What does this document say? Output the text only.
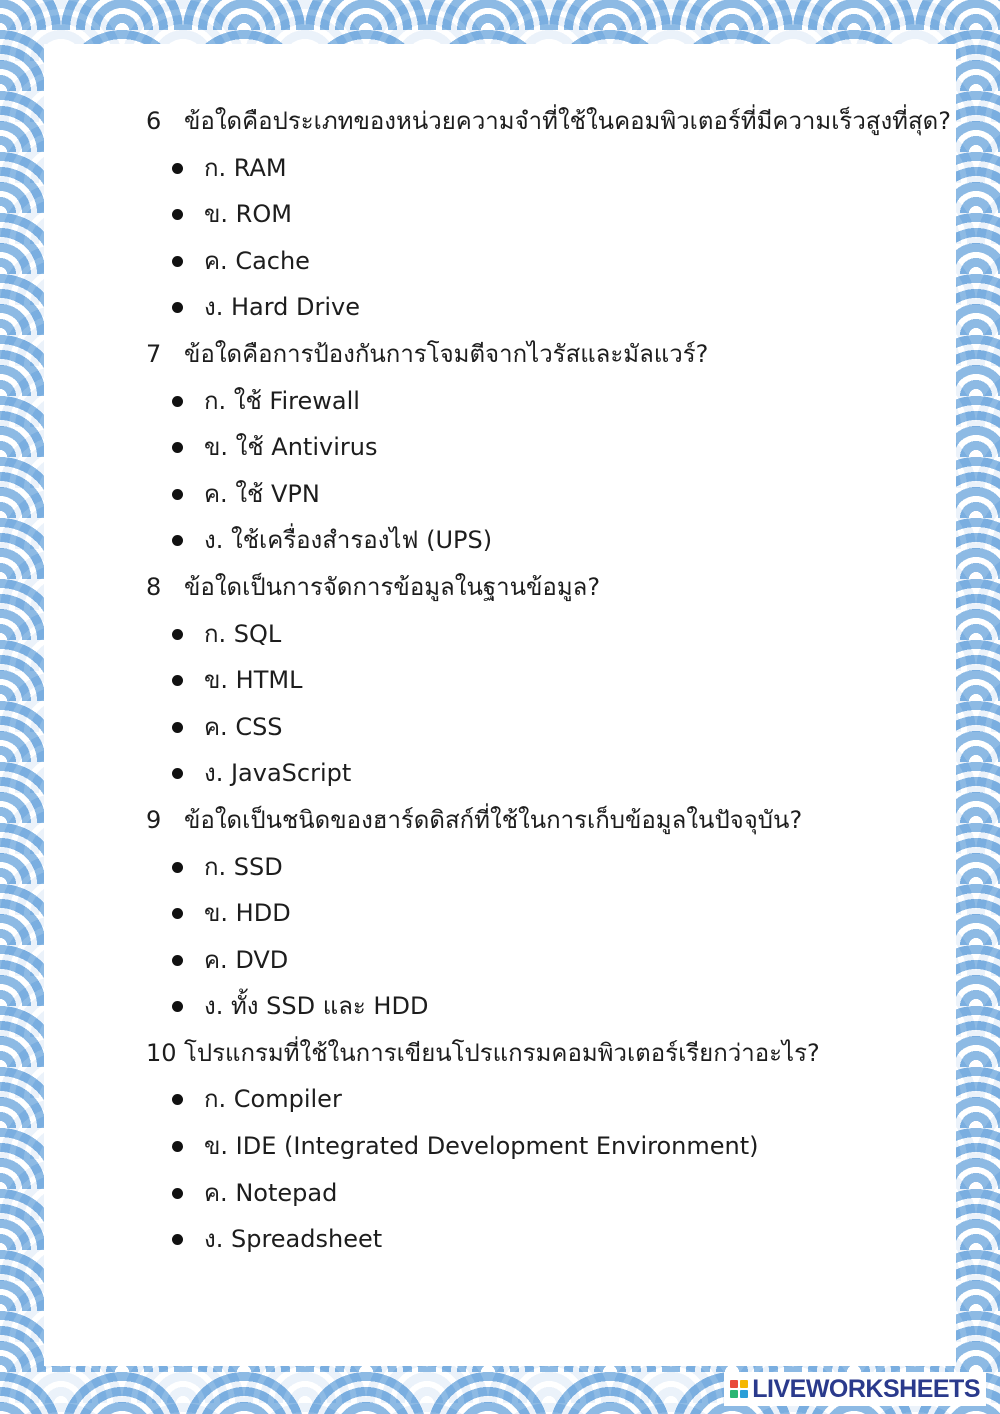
6 ข้อใดคือประเภทของหน่วยความจำที่ใช้ในคอมพิวเตอร์ที่มีความเร็วสูงที่สุด?
ก. RAM
ข. ROM
ค. Cache
ง. Hard Drive
7 ข้อใดคือการป้องกันการโจมตีจากไวรัสและมัลแวร์?
ก. ใช้ Firewall
ข. ใช้ Antivirus
ค. ใช้ VPN
ง. ใช้เครื่องสำรองไฟ (UPS)
8 ข้อใดเป็นการจัดการข้อมูลในฐานข้อมูล?
ก. SQL
ข. HTML
ค. CSS
ง. JavaScript
9 ข้อใดเป็นชนิดของฮาร์ดดิสก์ที่ใช้ในการเก็บข้อมูลในปัจจุบัน?
ก. SSD
ข. HDD
ค. DVD
ง. ทั้ง SSD และ HDD
10 โปรแกรมที่ใช้ในการเขียนโปรแกรมคอมพิวเตอร์เรียกว่าอะไร?
ก. Compiler
ข. IDE (Integrated Development Environment)
ค. Notepad
ง. Spreadsheet
LIVEWORKSHEETS
